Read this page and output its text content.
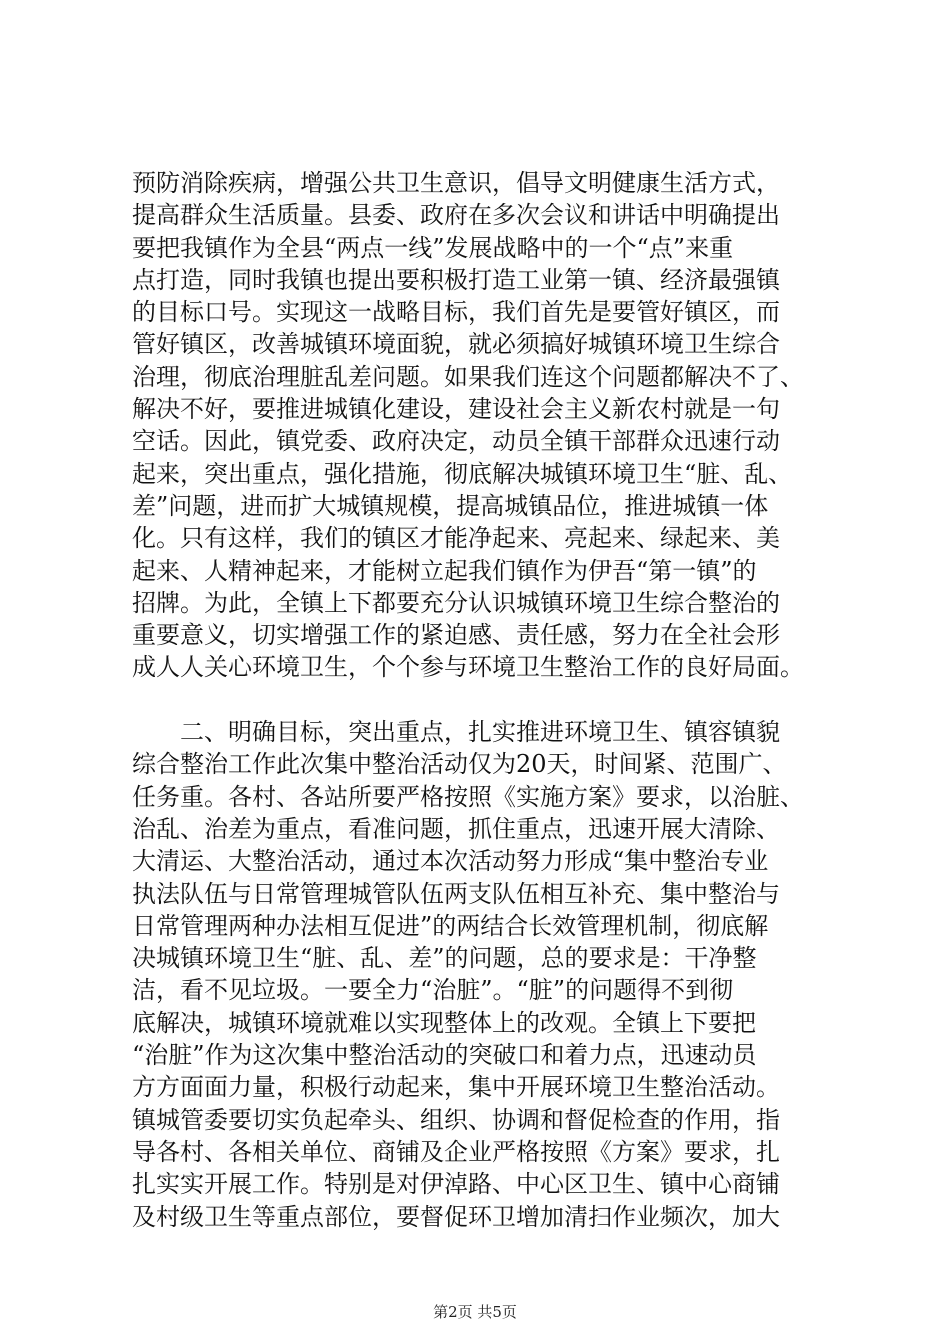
预防消除疾病，增强公共卫生意识，倡导文明健康生活方式，
提高群众生活质量。县委、政府在多次会议和讲话中明确提出
要把我镇作为全县“两点一线”发展战略中的一个“点”来重
点打造，同时我镇也提出要积极打造工业第一镇、经济最强镇
的目标口号。实现这一战略目标，我们首先是要管好镇区，而
管好镇区，改善城镇环境面貌，就必须搞好城镇环境卫生综合
治理，彻底治理脏乱差问题。如果我们连这个问题都解决不了、
解决不好，要推进城镇化建设，建设社会主义新农村就是一句
空话。因此，镇党委、政府决定，动员全镇干部群众迅速行动
起来，突出重点，强化措施，彻底解决城镇环境卫生“脏、乱、
差”问题，进而扩大城镇规模，提高城镇品位，推进城镇一体
化。只有这样，我们的镇区才能净起来、亮起来、绿起来、美
起来、人精神起来，才能树立起我们镇作为伊吾“第一镇”的
招牌。为此，全镇上下都要充分认识城镇环境卫生综合整治的
重要意义，切实增强工作的紧迫感、责任感，努力在全社会形
成人人关心环境卫生，个个参与环境卫生整治工作的良好局面。
　　二、明确目标，突出重点，扎实推进环境卫生、镇容镇貌
综合整治工作此次集中整治活动仅为20天，时间紧、范围广、
任务重。各村、各站所要严格按照《实施方案》要求，以治脏、
治乱、治差为重点，看准问题，抓住重点，迅速开展大清除、
大清运、大整治活动，通过本次活动努力形成“集中整治专业
执法队伍与日常管理城管队伍两支队伍相互补充、集中整治与
日常管理两种办法相互促进”的两结合长效管理机制，彻底解
决城镇环境卫生“脏、乱、差”的问题，总的要求是：干净整
洁，看不见垃圾。一要全力“治脏”。“脏”的问题得不到彻
底解决，城镇环境就难以实现整体上的改观。全镇上下要把
“治脏”作为这次集中整治活动的突破口和着力点，迅速动员
方方面面力量，积极行动起来，集中开展环境卫生整治活动。
镇城管委要切实负起牵头、组织、协调和督促检查的作用，指
导各村、各相关单位、商铺及企业严格按照《方案》要求，扎
扎实实开展工作。特别是对伊淖路、中心区卫生、镇中心商铺
及村级卫生等重点部位，要督促环卫增加清扫作业频次，加大
第2页 共5页
